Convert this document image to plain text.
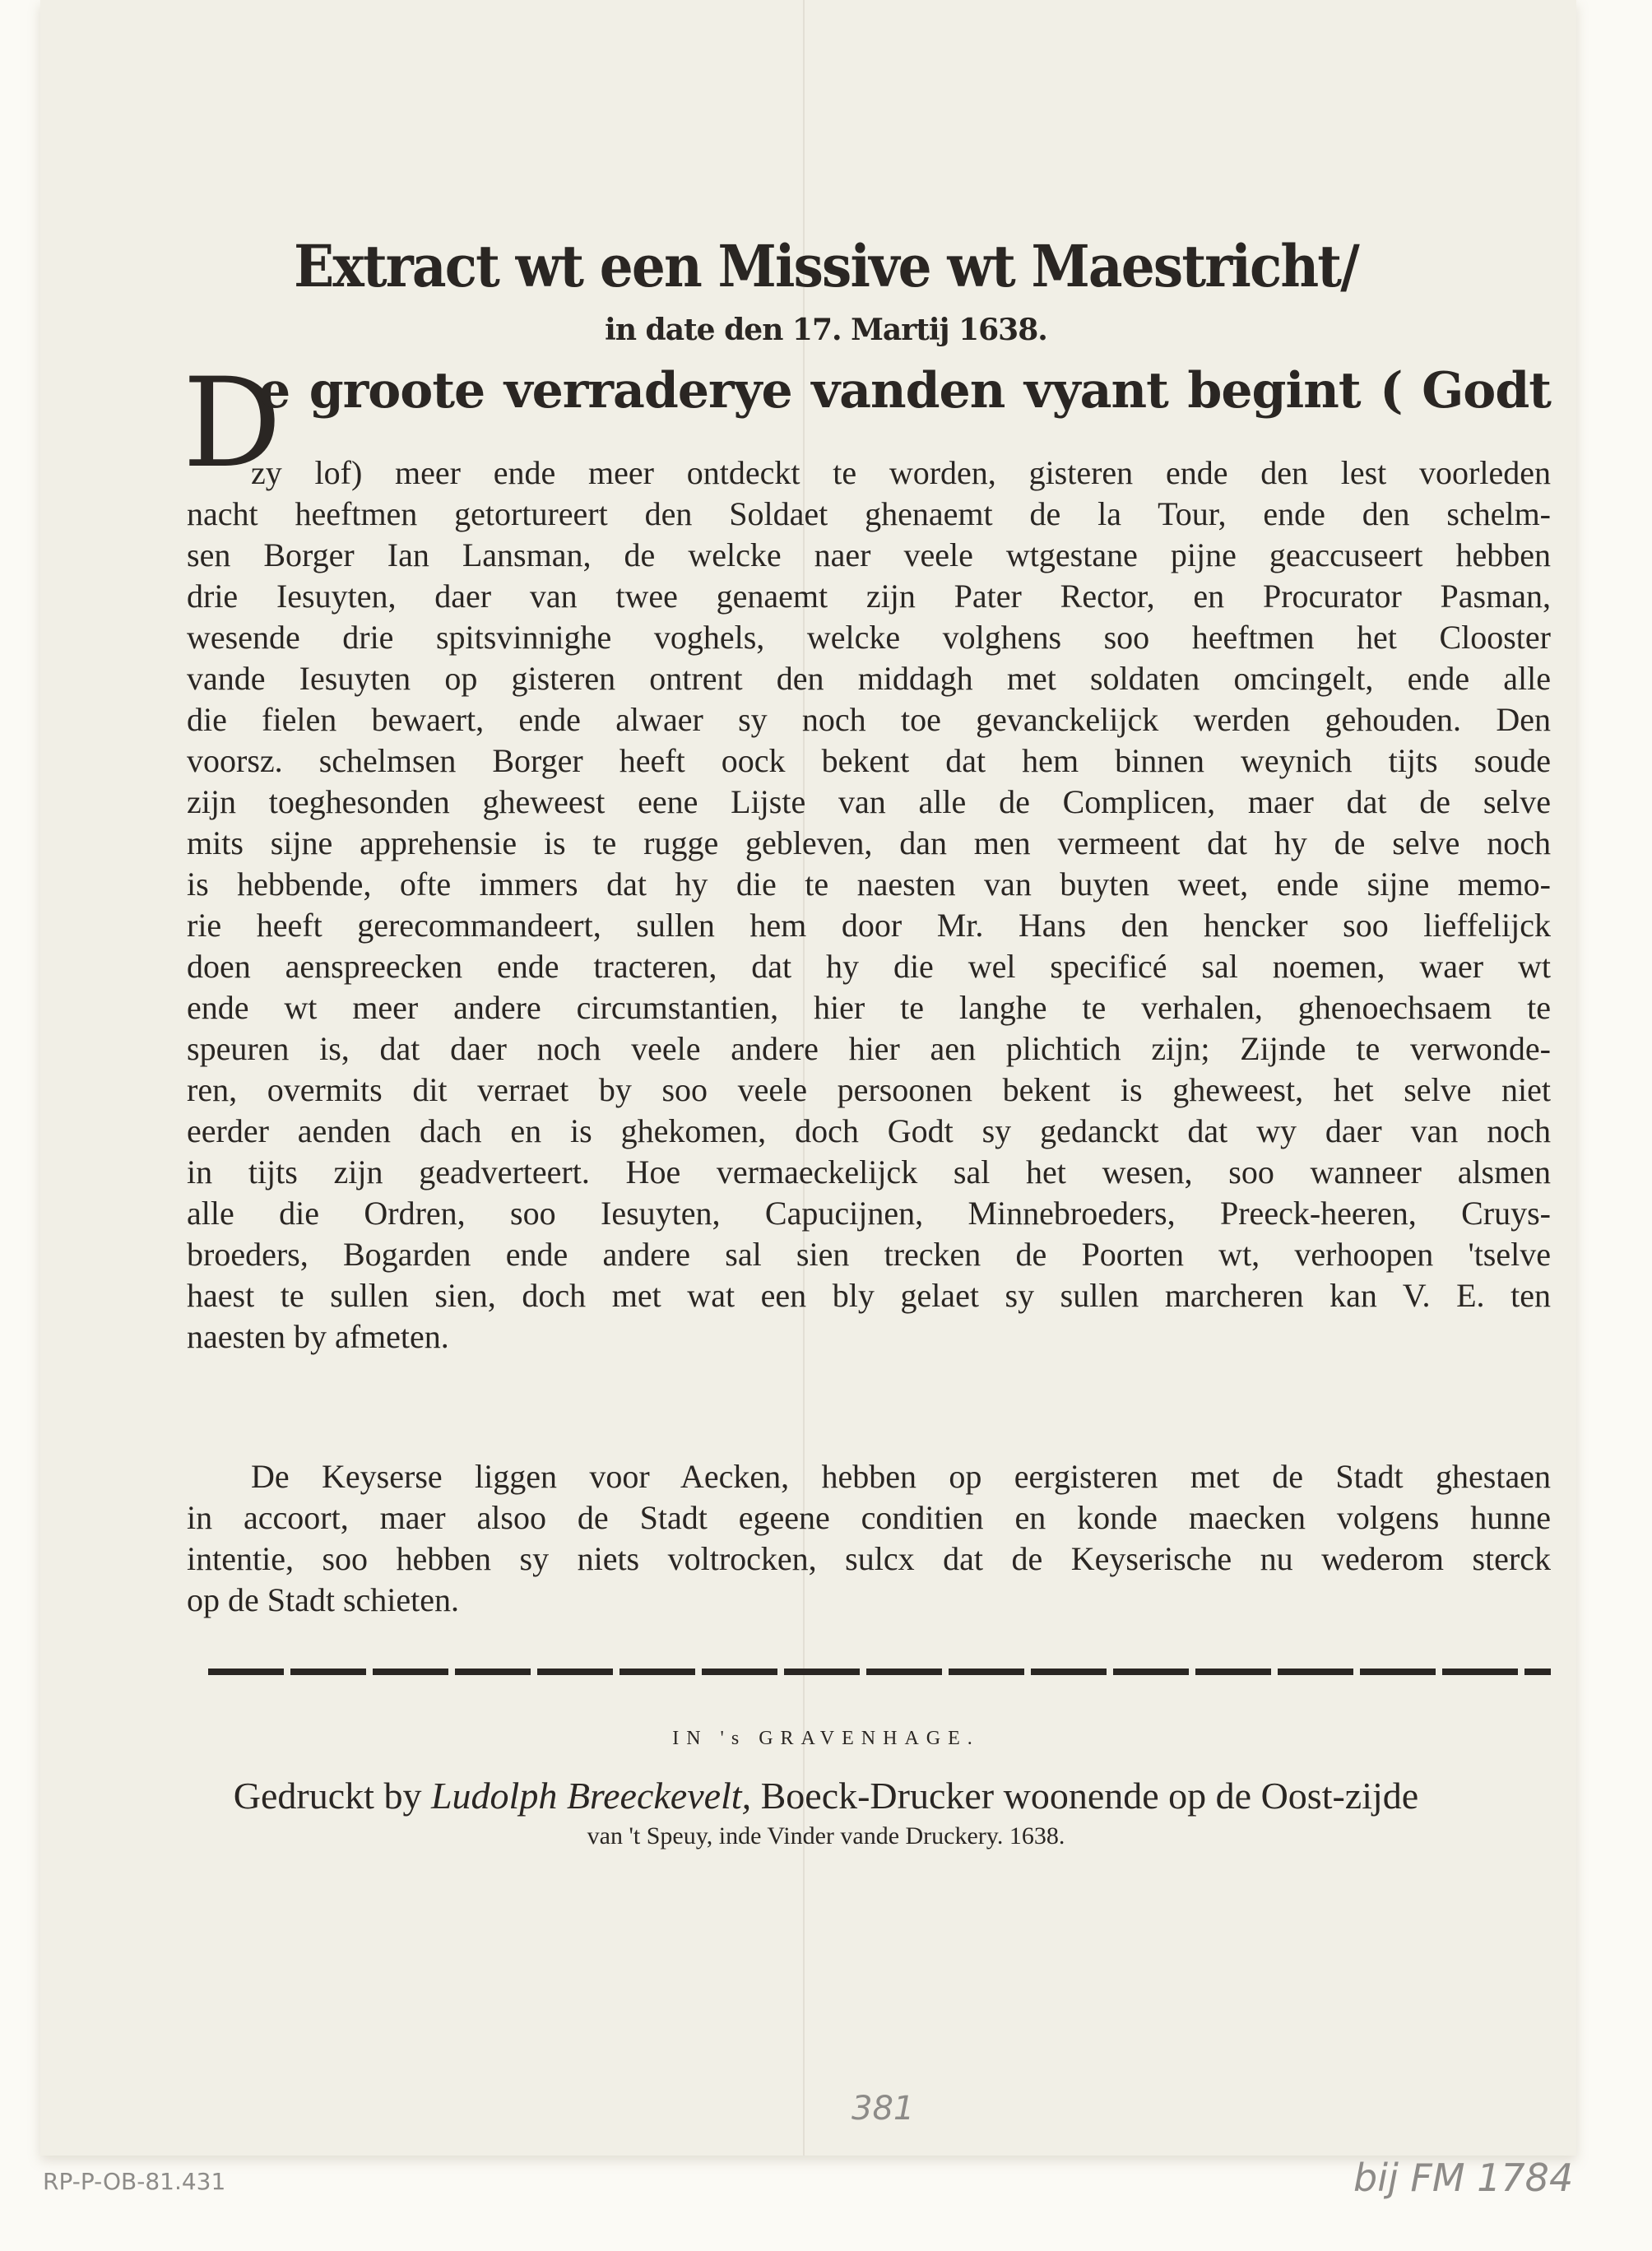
Extract wt een Missive wt Maestricht/
in date den 17. Martij 1638.
D
e groote verraderye vanden vyant begint ( Godt
zy lof) meer ende meer ontdeckt te worden, gisteren ende den lest voorleden
nacht heeftmen getortureert den Soldaet ghenaemt de la Tour, ende den schelm-
sen Borger Ian Lansman, de welcke naer veele wtgestane pijne geaccuseert hebben
drie Iesuyten, daer van twee genaemt zijn Pater Rector, en Procurator Pasman,
wesende drie spitsvinnighe voghels, welcke volghens soo heeftmen het Clooster
vande Iesuyten op gisteren ontrent den middagh met soldaten omcingelt, ende alle
die fielen bewaert, ende alwaer sy noch toe gevanckelijck werden gehouden. Den
voorsz. schelmsen Borger heeft oock bekent dat hem binnen weynich tijts soude
zijn toeghesonden gheweest eene Lijste van alle de Complicen, maer dat de selve
mits sijne apprehensie is te rugge gebleven, dan men vermeent dat hy de selve noch
is hebbende, ofte immers dat hy die te naesten van buyten weet, ende sijne memo-
rie heeft gerecommandeert, sullen hem door Mr. Hans den hencker soo lieffelijck
doen aenspreecken ende tracteren, dat hy die wel specificé sal noemen, waer wt
ende wt meer andere circumstantien, hier te langhe te verhalen, ghenoechsaem te
speuren is, dat daer noch veele andere hier aen plichtich zijn; Zijnde te verwonde-
ren, overmits dit verraet by soo veele persoonen bekent is gheweest, het selve niet
eerder aenden dach en is ghekomen, doch Godt sy gedanckt dat wy daer van noch
in tijts zijn geadverteert. Hoe vermaeckelijck sal het wesen, soo wanneer alsmen
alle die Ordren, soo Iesuyten, Capucijnen, Minnebroeders, Preeck-heeren, Cruys-
broeders, Bogarden ende andere sal sien trecken de Poorten wt, verhoopen 'tselve
haest te sullen sien, doch met wat een bly gelaet sy sullen marcheren kan V. E. ten
naesten by afmeten.
De Keyserse liggen voor Aecken, hebben op eergisteren met de Stadt ghestaen
in accoort, maer alsoo de Stadt egeene conditien en konde maecken volgens hunne
intentie, soo hebben sy niets voltrocken, sulcx dat de Keyserische nu wederom sterck
op de Stadt schieten.
IN 's GRAVENHAGE.
Gedruckt by Ludolph Breeckevelt, Boeck-Drucker woonende op de Oost-zijde
van 't Speuy, inde Vinder vande Druckery. 1638.
381
RP-P-OB-81.431	bij FM 1784
